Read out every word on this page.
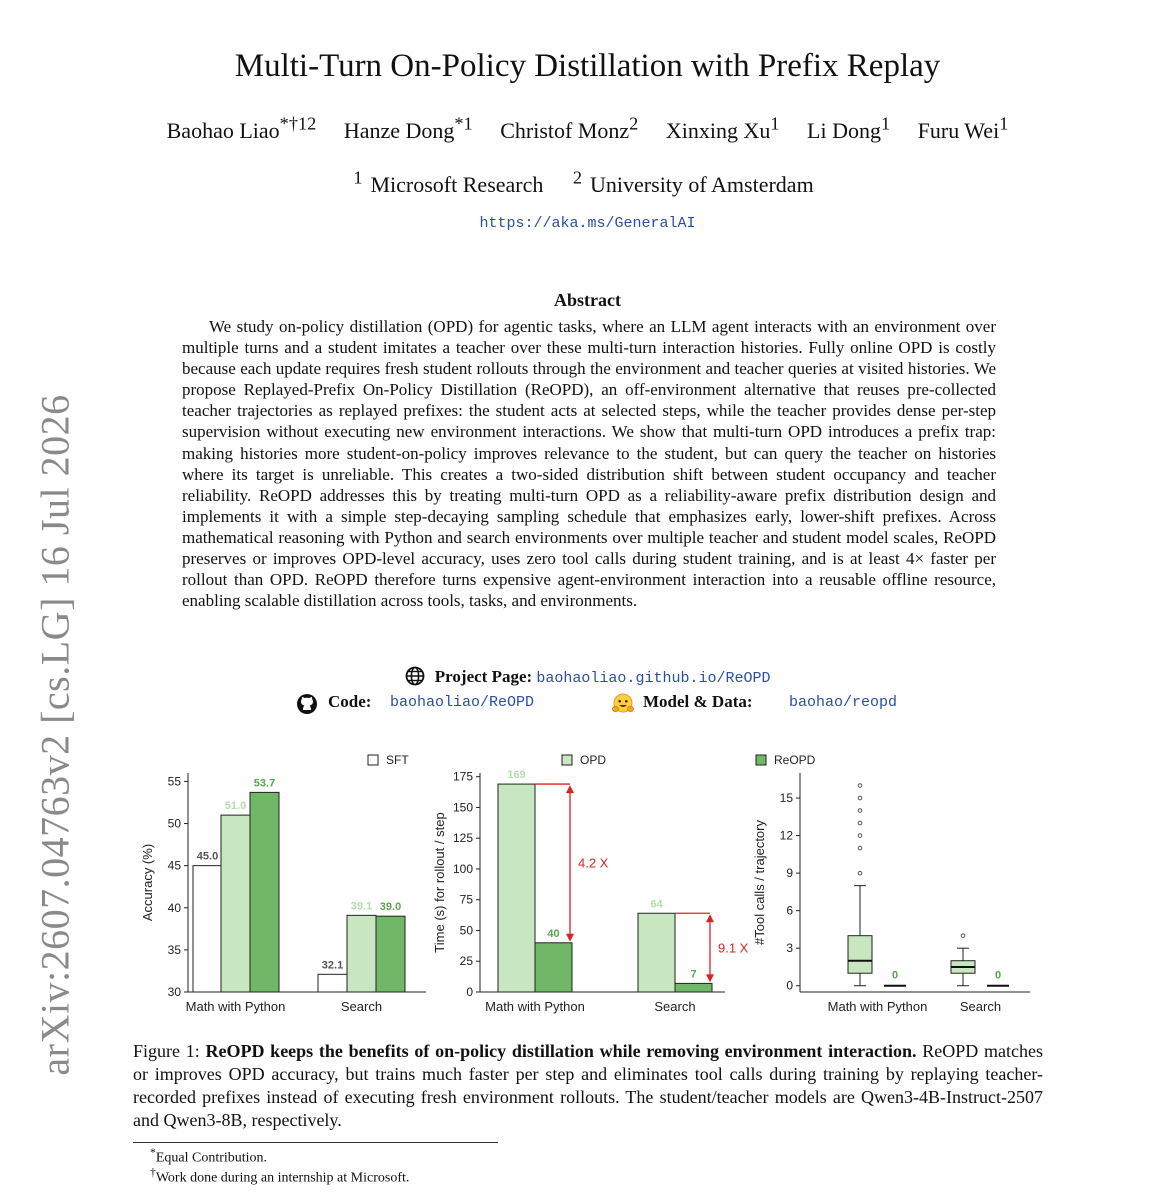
arXiv:2607.04763v2 [cs.LG] 16 Jul 2026
Multi-Turn On-Policy Distillation with Prefix Replay
Baohao Liao$^{*\dagger 12}$ Hanze Dong$^{*1}$ Christof Monz$^2$ Xinxing Xu$^1$ Li Dong$^1$ Furu Wei$^1$
$^1$ Microsoft Research $^2$ University of Amsterdam
https://aka.ms/GeneralAI
Abstract

We study on-policy distillation (OPD) for agentic tasks, where an LLM agent interacts with an environment over multiple turns and a student imitates a teacher over these multi-turn interaction histories. Fully online OPD is costly because each update requires fresh student rollouts through the environment and teacher queries at visited histories. We propose Replayed-Prefix On-Policy Distillation (ReOPD), an off-environment alternative that reuses pre-collected teacher trajectories as replayed prefixes: the student acts at selected steps, while the teacher provides dense per-step supervision without executing new environment interactions. We show that multi-turn OPD introduces a prefix trap: making histories more student-on-policy improves relevance to the student, but can query the teacher on histories where its target is unreliable. This creates a two-sided distribution shift between student occupancy and teacher reliability. ReOPD addresses this by treating multi-turn OPD as a reliability-aware prefix distribution design and implements it with a simple step-decaying sampling schedule that emphasizes early, lower-shift prefixes. Across mathematical reasoning with Python and search environments over multiple teacher and student model scales, ReOPD preserves or improves OPD-level accuracy, uses zero tool calls during student training, and is at least 4× faster per rollout than OPD. ReOPD therefore turns expensive agent-environment interaction into a reusable offline resource, enabling scalable distillation across tools, tasks, and environments.

Project Page: baohaoliao.github.io/ReOPD
Code: baohaoliao/ReOPD	Model & Data: baohao/reopd
SFT	OPD	ReOPD
30
35
40
45
50
55
Accuracy (%)	45.0
51.0
53.7
Math with Python
32.1
39.1 39.0
Search
0
25
50
75
100
125
150
175
Time (s) for rollout / step
169
40
Math with Python
4.2 X
64
7
Search
9.1 X
0
3
6
9
12
15
#Tool calls / trajectory
0
Math with Python
0
Search

Figure 1: ReOPD keeps the benefits of on-policy distillation while removing environment interaction. ReOPD matches or improves OPD accuracy, but trains much faster per step and eliminates tool calls during training by replaying teacher-recorded prefixes instead of executing fresh environment rollouts. The student/teacher models are Qwen3-4B-Instruct-2507 and Qwen3-8B, respectively.

*Equal Contribution.
†Work done during an internship at Microsoft.
